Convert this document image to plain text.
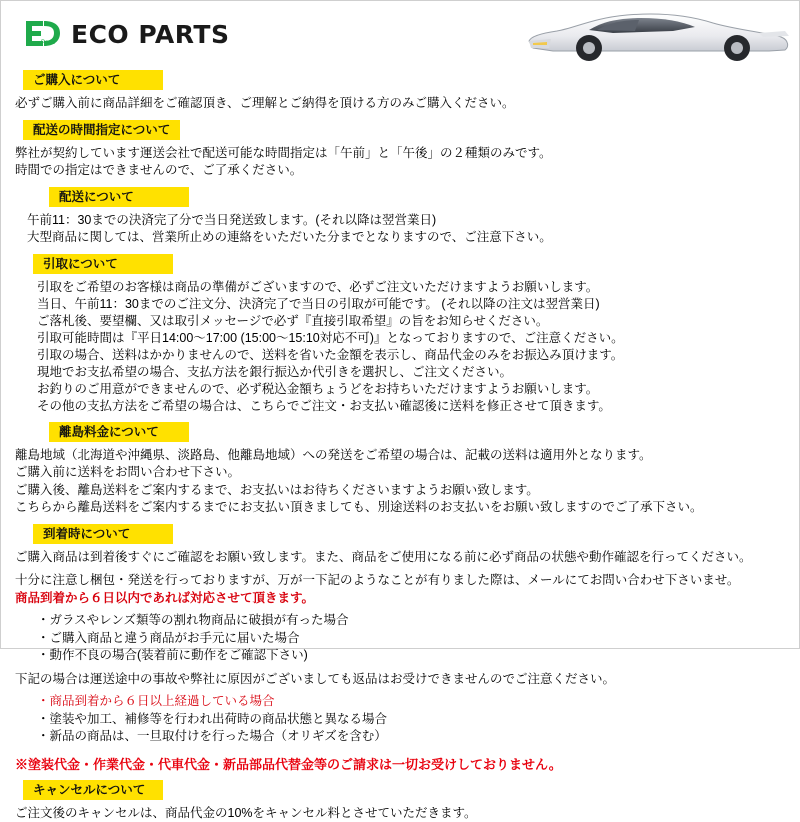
Parts ECO PARTS
ご購入について

必ずご購入前に商品詳細をご確認頂き、ご理解とご納得を頂ける方のみご購入ください。

配送の時間指定について

弊社が契約しています運送会社で配送可能な時間指定は「午前」と「午後」の２種類のみです。

時間での指定はできませんので、ご了承ください。

配送について

午前11：30までの決済完了分で当日発送致します。(それ以降は翌営業日)

大型商品に関しては、営業所止めの連絡をいただいた分までとなりますので、ご注意下さい。

引取について

引取をご希望のお客様は商品の準備がございますので、必ずご注文いただけますようお願いします。

当日、午前11：30までのご注文分、決済完了で当日の引取が可能です。 (それ以降の注文は翌営業日)

ご落札後、要望欄、又は取引メッセージで必ず『直接引取希望』の旨をお知らせください。

引取可能時間は『平日14:00～17:00 (15:00～15:10対応不可)』となっておりますので、ご注意ください。

引取の場合、送料はかかりませんので、送料を省いた金額を表示し、商品代金のみをお振込み頂けます。

現地でお支払希望の場合、支払方法を銀行振込か代引きを選択し、ご注文ください。

お釣りのご用意ができませんので、必ず税込金額ちょうどをお持ちいただけますようお願いします。

その他の支払方法をご希望の場合は、こちらでご注文・お支払い確認後に送料を修正させて頂きます。

離島料金について

離島地域（北海道や沖縄県、淡路島、他離島地域）への発送をご希望の場合は、記載の送料は適用外となります。

ご購入前に送料をお問い合わせ下さい。

ご購入後、離島送料をご案内するまで、お支払いはお待ちくださいますようお願い致します。

こちらから離島送料をご案内するまでにお支払い頂きましても、別途送料のお支払いをお願い致しますのでご了承下さい。

到着時について

ご購入商品は到着後すぐにご確認をお願い致します。また、商品をご使用になる前に必ず商品の状態や動作確認を行ってください。

十分に注意し梱包・発送を行っておりますが、万が一下記のようなことが有りました際は、メールにてお問い合わせ下さいませ。

商品到着から６日以内であれば対応させて頂きます。

・ガラスやレンズ類等の割れ物商品に破損が有った場合

・ご購入商品と違う商品がお手元に届いた場合

・動作不良の場合(装着前に動作をご確認下さい)

下記の場合は運送途中の事故や弊社に原因がございましても返品はお受けできませんのでご注意ください。

・商品到着から６日以上経過している場合

・塗装や加工、補修等を行われ出荷時の商品状態と異なる場合

・新品の商品は、一旦取付けを行った場合（オリギズを含む）

※塗装代金・作業代金・代車代金・新品部品代替金等のご請求は一切お受けしておりません。
キャンセルについて

ご注文後のキャンセルは、商品代金の10%をキャンセル料とさせていただきます。
